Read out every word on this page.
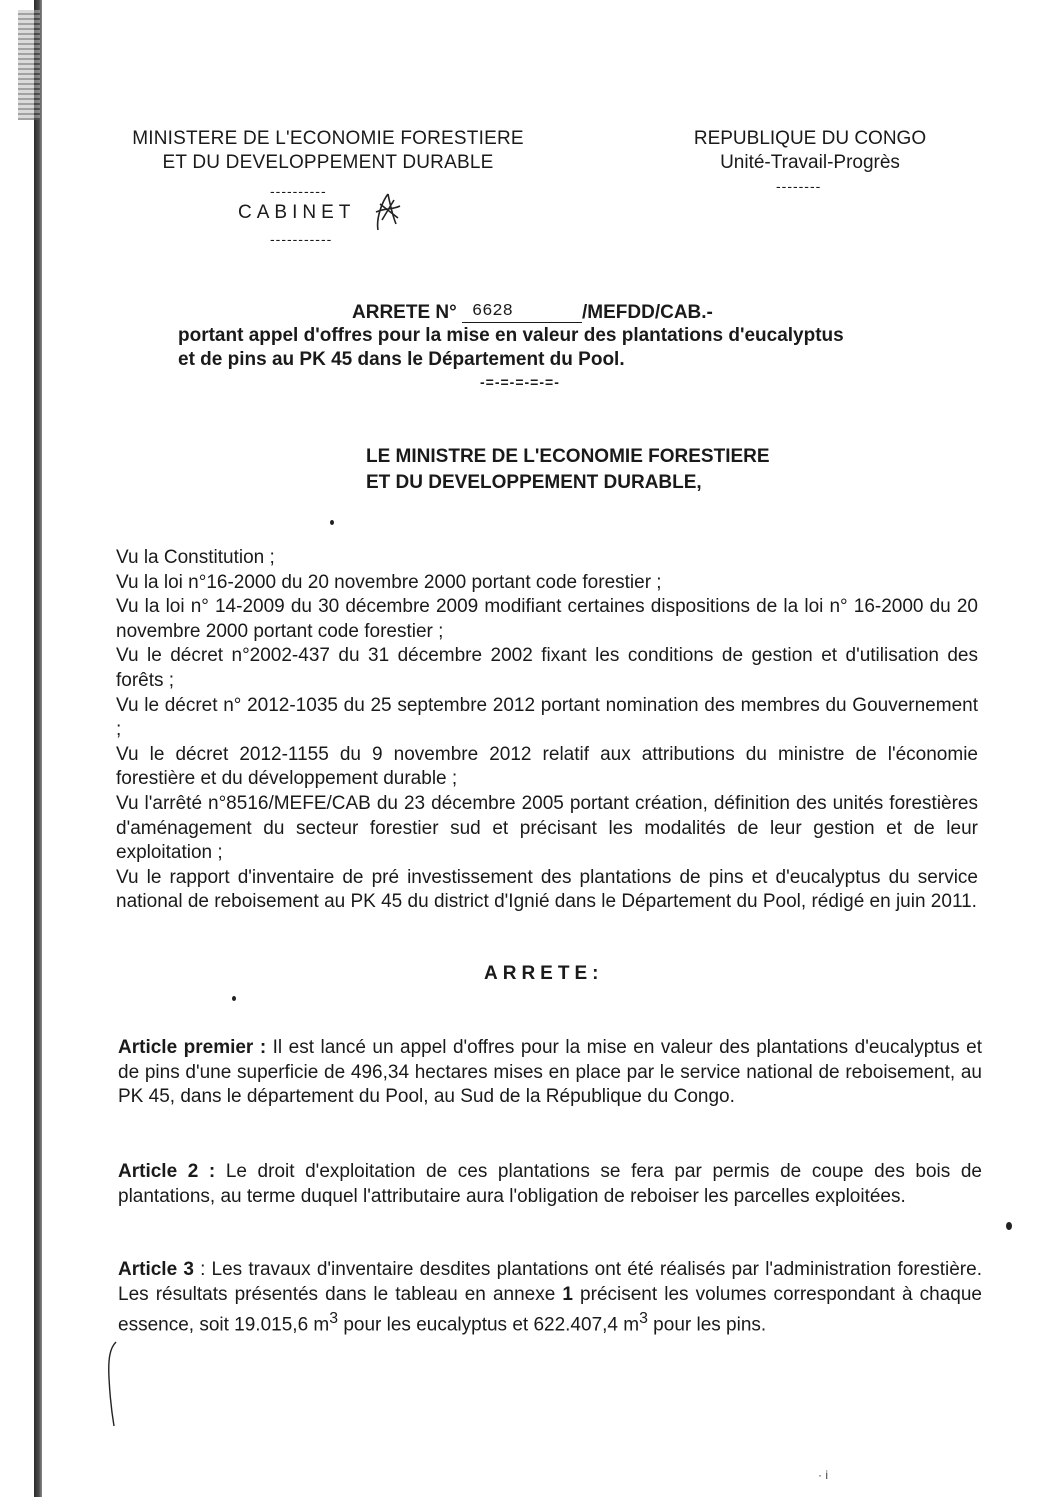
MINISTERE DE L'ECONOMIE FORESTIERE
ET DU DEVELOPPEMENT DURABLE
----------
CABINET
-----------
REPUBLIQUE DU CONGO
Unité-Travail-Progrès
--------
ARRETE N° 6628	/MEFDD/CAB.-
portant appel d'offres pour la mise en valeur des plantations d'eucalyptus
et de pins au PK 45 dans le Département du Pool.
-=-=-=-=-=-
LE MINISTRE DE L'ECONOMIE FORESTIERE
ET DU DEVELOPPEMENT DURABLE,

Vu la Constitution ;

Vu la loi n°16-2000 du 20 novembre 2000 portant code forestier ;

Vu la loi n° 14-2009 du 30 décembre 2009 modifiant certaines dispositions de la loi n° 16-2000 du 20 novembre 2000 portant code forestier ;

Vu le décret n°2002-437 du 31 décembre 2002 fixant les conditions de gestion et d'utilisation des forêts ;

Vu le décret n° 2012-1035 du 25 septembre 2012 portant nomination des membres du Gouvernement ;

Vu le décret 2012-1155 du 9 novembre 2012 relatif aux attributions du ministre de l'économie forestière et du développement durable ;

Vu l'arrêté n°8516/MEFE/CAB du 23 décembre 2005 portant création, définition des unités forestières d'aménagement du secteur forestier sud et précisant les modalités de leur gestion et de leur exploitation ;

Vu le rapport d'inventaire de pré investissement des plantations de pins et d'eucalyptus du service national de reboisement au PK 45 du district d'Ignié dans le Département du Pool, rédigé en juin 2011.

ARRETE:

Article premier : Il est lancé un appel d'offres pour la mise en valeur des plantations d'eucalyptus et de pins d'une superficie de 496,34 hectares mises en place par le service national de reboisement, au PK 45, dans le département du Pool, au Sud de la République du Congo.

Article 2 : Le droit d'exploitation de ces plantations se fera par permis de coupe des bois de plantations, au terme duquel l'attributaire aura l'obligation de reboiser les parcelles exploitées.

Article 3 : Les travaux d'inventaire desdites plantations ont été réalisés par l'administration forestière. Les résultats présentés dans le tableau en annexe 1 précisent les volumes correspondant à chaque essence, soit 19.015,6 $m^3$ pour les eucalyptus et 622.407,4 $m^3$ pour les pins.

· i
